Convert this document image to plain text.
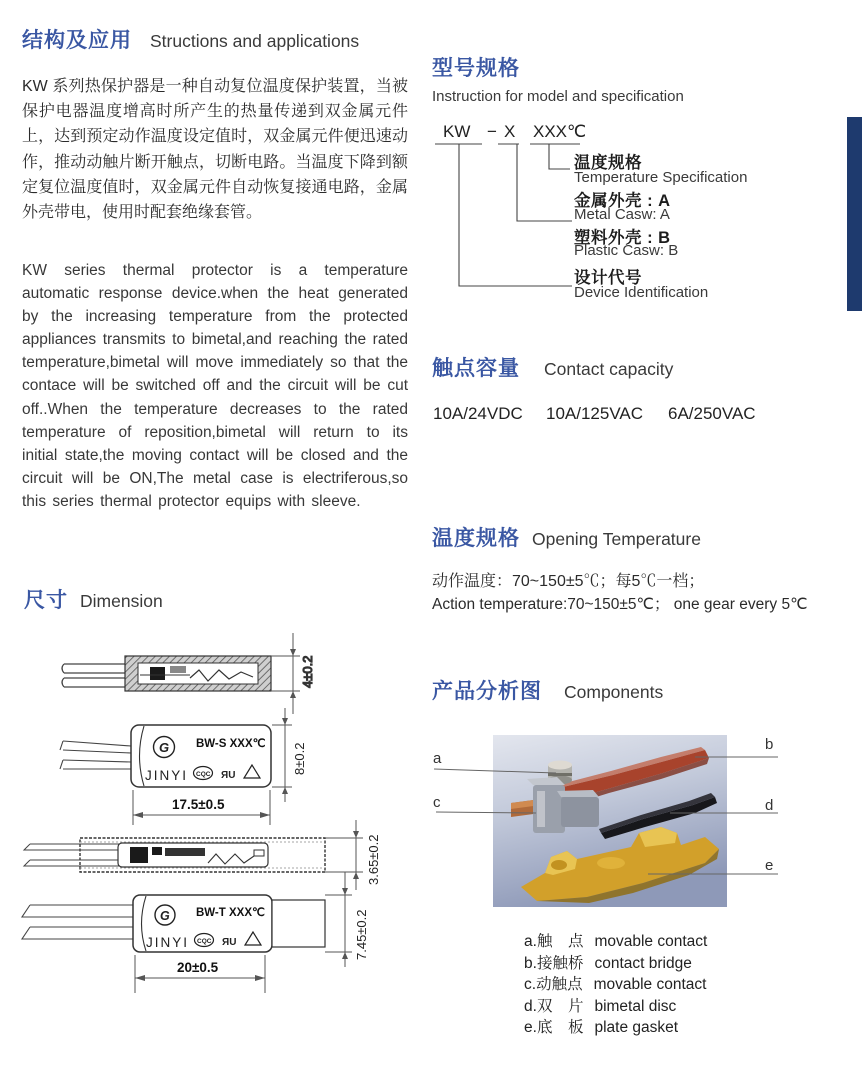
结构及应用 Structions and applications
KW 系列热保护器是一种自动复位温度保护装置，当被保护电器温度增高时所产生的热量传递到双金属元件上，达到预定动作温度设定值时，双金属元件便迅速动作，推动动触片断开触点，切断电路。当温度下降到额定复位温度值时，双金属元件自动恢复接通电路，金属外壳带电，使用时配套绝缘套管。
KW series thermal protector is a temperature automatic response device.when the heat generated by the increasing temperature from the protected appliances transmits to bimetal,and reaching the rated temperature,bimetal will move immediately so that the contace will be switched off and the circuit will be cut off..When the temperature decreases to the rated temperature of reposition,bimetal will return to its initial state,the moving contact will be closed and the circuit will be ON,The metal case is electriferous,so this series thermal protector equips with sleeve.
尺寸 Dimension
4±0.2
G BW-S XXX℃
JINYI CQC ЯU
8±0.2
17.5±0.5
3.65±0.2
G BW-T XXX℃
JINYI CQC ЯU
20±0.5
7.45±0.2
型号规格
Instruction for model and specification
KW − X XXX℃
温度规格
Temperature Specification
金属外壳 : A
Metal Casw: A
塑料外壳 : B
Plastic Casw: B
设计代号
Device Identification
触点容量 Contact capacity
10A/24VDC 10A/125VAC 6A/250VAC
温度规格 Opening Temperature
动作温度：70~150±5℃；每5℃一档；
Action temperature:70~150±5℃； one gear every 5℃
产品分析图 Components
a
b
c	d
e
a.触　点 movable contact
b.接触桥 contact bridge
c.动触点 movable contact
d.双　片 bimetal disc
e.底　板 plate gasket
